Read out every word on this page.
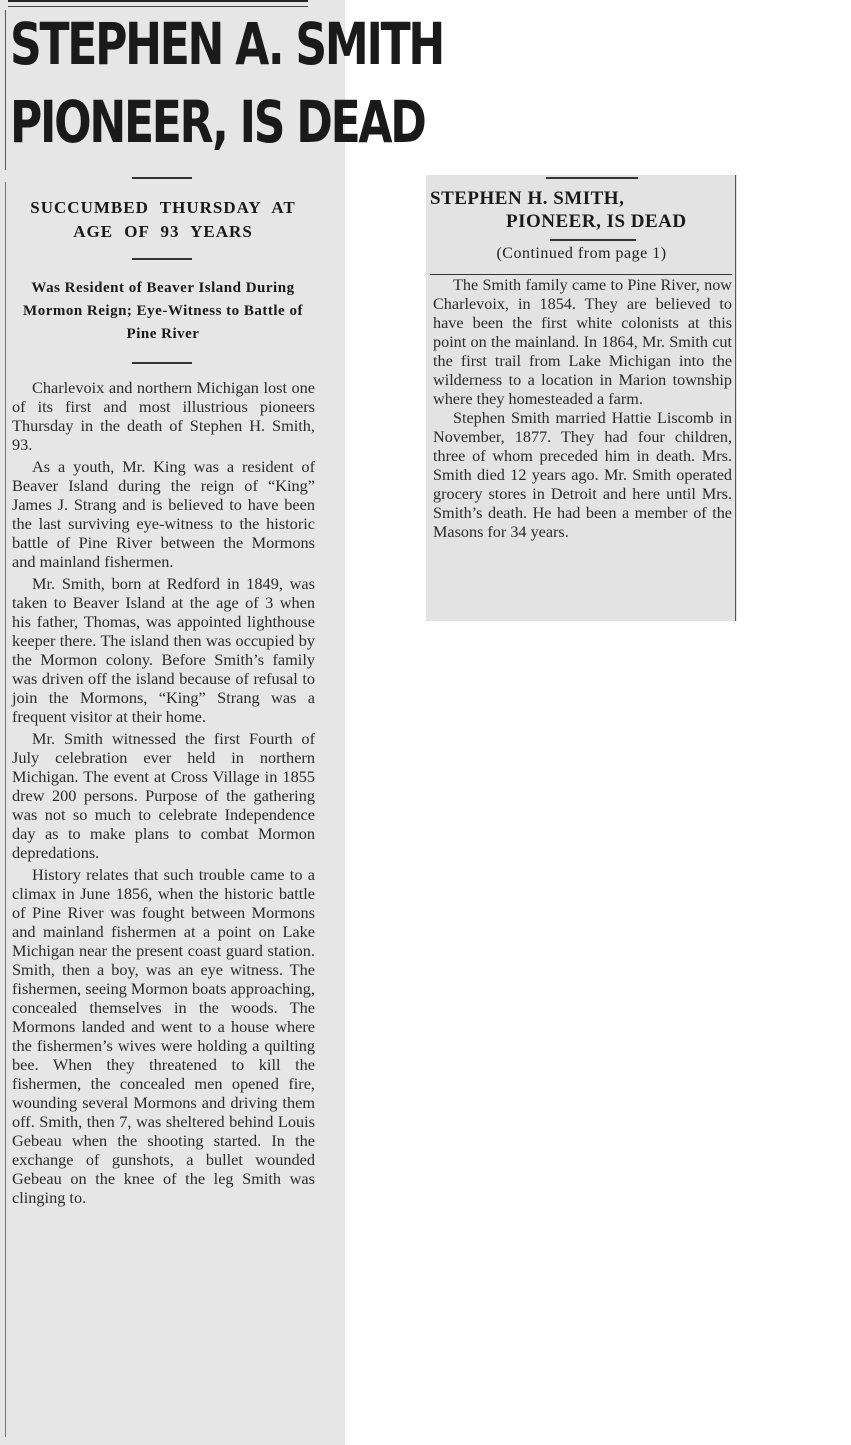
STEPHEN A. SMITH
PIONEER, IS DEAD
SUCCUMBED THURSDAY AT AGE OF 93 YEARS
Was Resident of Beaver Island During Mormon Reign; Eye-Witness to Battle of Pine River

Charlevoix and northern Michigan lost one of its first and most illustrious pioneers Thursday in the death of Stephen H. Smith, 93.

As a youth, Mr. King was a resident of Beaver Island during the reign of “King” James J. Strang and is believed to have been the last surviving eye-witness to the historic battle of Pine River between the Mormons and mainland fishermen.

Mr. Smith, born at Redford in 1849, was taken to Beaver Island at the age of 3 when his father, Thomas, was appointed lighthouse keeper there. The island then was occupied by the Mormon colony. Before Smith’s family was driven off the island because of refusal to join the Mormons, “King” Strang was a frequent visitor at their home.

Mr. Smith witnessed the first Fourth of July celebration ever held in northern Michigan. The event at Cross Village in 1855 drew 200 persons. Purpose of the gathering was not so much to celebrate Independence day as to make plans to combat Mormon depredations.

History relates that such trouble came to a climax in June 1856, when the historic battle of Pine River was fought between Mormons and mainland fishermen at a point on Lake Michigan near the present coast guard station. Smith, then a boy, was an eye witness. The fishermen, seeing Mormon boats approaching, concealed themselves in the woods. The Mormons landed and went to a house where the fishermen’s wives were holding a quilting bee. When they threatened to kill the fishermen, the concealed men opened fire, wounding several Mormons and driving them off. Smith, then 7, was sheltered behind Louis Gebeau when the shooting started. In the exchange of gunshots, a bullet wounded Gebeau on the knee of the leg Smith was clinging to.

STEPHEN H. SMITH,
PIONEER, IS DEAD
(Continued from page 1)

The Smith family came to Pine River, now Charlevoix, in 1854. They are believed to have been the first white colonists at this point on the mainland. In 1864, Mr. Smith cut the first trail from Lake Michigan into the wilderness to a location in Marion township where they homesteaded a farm.

Stephen Smith married Hattie Liscomb in November, 1877. They had four children, three of whom preceded him in death. Mrs. Smith died 12 years ago. Mr. Smith operated grocery stores in Detroit and here until Mrs. Smith’s death. He had been a member of the Masons for 34 years.
